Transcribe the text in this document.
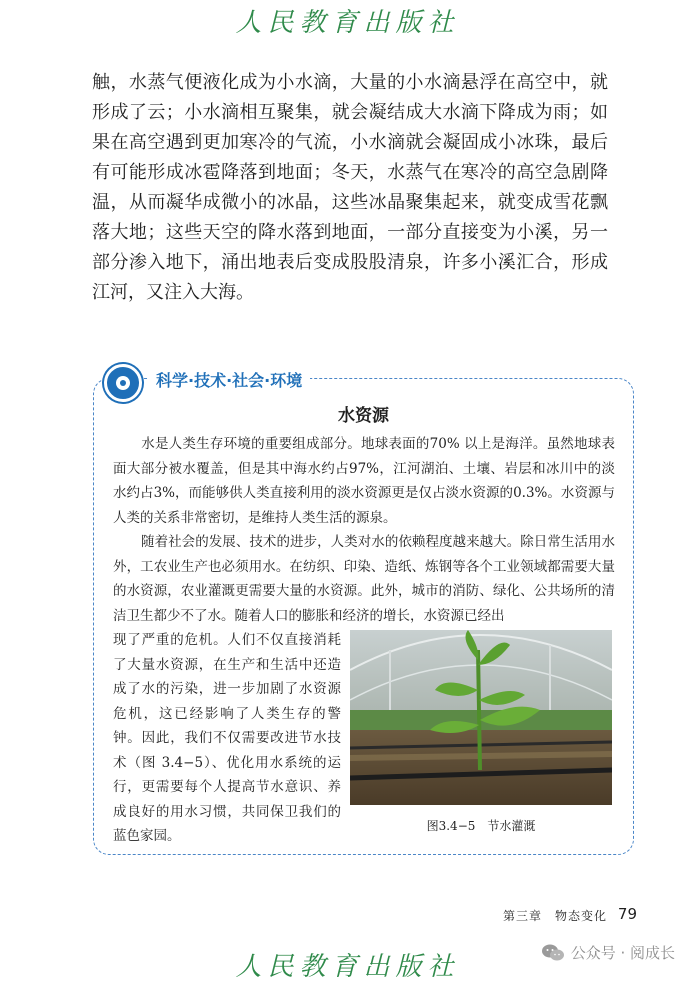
人民教育出版社

触，水蒸气便液化成为小水滴，大量的小水滴悬浮在高空中，就形成了云；小水滴相互聚集，就会凝结成大水滴下降成为雨；如果在高空遇到更加寒冷的气流，小水滴就会凝固成小冰珠，最后有可能形成冰雹降落到地面；冬天，水蒸气在寒冷的高空急剧降温，从而凝华成微小的冰晶，这些冰晶聚集起来，就变成雪花飘落大地；这些天空的降水落到地面，一部分直接变为小溪，另一部分渗入地下，涌出地表后变成股股清泉，许多小溪汇合，形成江河，又注入大海。

科学·技术·社会·环境
水资源

水是人类生存环境的重要组成部分。地球表面的70% 以上是海洋。虽然地球表面大部分被水覆盖，但是其中海水约占97%，江河湖泊、土壤、岩层和冰川中的淡水约占3%，而能够供人类直接利用的淡水资源更是仅占淡水资源的0.3%。水资源与人类的关系非常密切，是维持人类生活的源泉。

随着社会的发展、技术的进步，人类对水的依赖程度越来越大。除日常生活用水外，工农业生产也必须用水。在纺织、印染、造纸、炼钢等各个工业领域都需要大量的水资源，农业灌溉更需要大量的水资源。此外，城市的消防、绿化、公共场所的清洁卫生都少不了水。随着人口的膨胀和经济的增长，水资源已经出

现了严重的危机。人们不仅直接消耗了大量水资源，在生产和生活中还造成了水的污染，进一步加剧了水资源危机，这已经影响了人类生存的警钟。因此，我们不仅需要改进节水技术（图 3.4−5）、优化用水系统的运行，更需要每个人提高节水意识、养成良好的用水习惯，共同保卫我们的蓝色家园。

图3.4−5　节水灌溉
第三章　物态变化 79
人民教育出版社	公众号 · 阅成长
